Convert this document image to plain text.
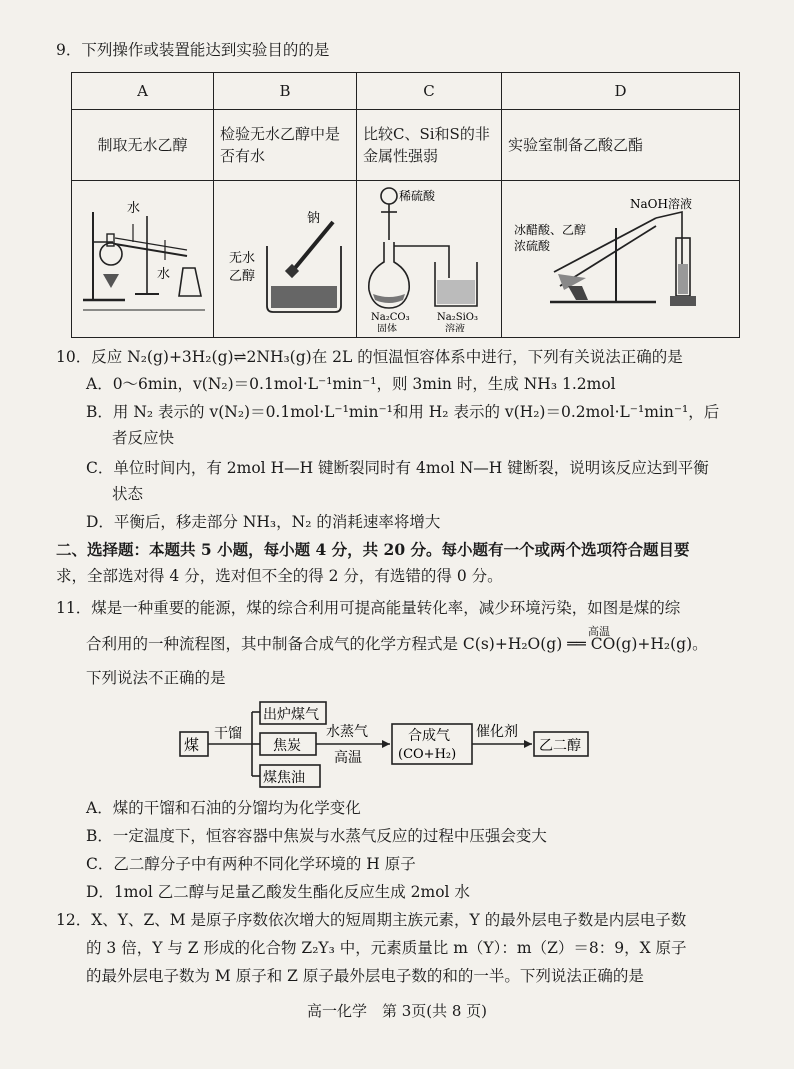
9．下列操作或装置能达到实验目的的是
A	B	C	D
制取无水乙醇	检验无水乙醇中是否有水	比较C、Si和S的非金属性强弱	实验室制备乙酸乙酯

水
水	钠
无水
乙醇	稀硫酸
Na₂CO₃
固体
Na₂SiO₃
溶液	NaOH溶液
冰醋酸、乙醇
浓硫酸
10．反应 N₂(g)+3H₂(g)⇌2NH₃(g)在 2L 的恒温恒容体系中进行，下列有关说法正确的是
A．0～6min，v(N₂)＝0.1mol·L⁻¹min⁻¹，则 3min 时，生成 NH₃ 1.2mol
B．用 N₂ 表示的 v(N₂)＝0.1mol·L⁻¹min⁻¹和用 H₂ 表示的 v(H₂)＝0.2mol·L⁻¹min⁻¹，后
者反应快
C．单位时间内，有 2mol H—H 键断裂同时有 4mol N—H 键断裂，说明该反应达到平衡
状态
D．平衡后，移走部分 NH₃，N₂ 的消耗速率将增大
二、选择题：本题共 5 小题，每小题 4 分，共 20 分。每小题有一个或两个选项符合题目要
求，全部选对得 4 分，选对但不全的得 2 分，有选错的得 0 分。
11．煤是一种重要的能源，煤的综合利用可提高能量转化率，减少环境污染，如图是煤的综
合利用的一种流程图，其中制备合成气的化学方程式是 C(s)+H₂O(g) ══ CO(g)+H₂(g)。
高温
下列说法不正确的是
煤
干馏
出炉煤气
焦炭
煤焦油
水蒸气
高温
合成气
(CO+H₂)
催化剂
乙二醇
A．煤的干馏和石油的分馏均为化学变化
B．一定温度下，恒容容器中焦炭与水蒸气反应的过程中压强会变大
C．乙二醇分子中有两种不同化学环境的 H 原子
D．1mol 乙二醇与足量乙酸发生酯化反应生成 2mol 水
12．X、Y、Z、M 是原子序数依次增大的短周期主族元素，Y 的最外层电子数是内层电子数
的 3 倍，Y 与 Z 形成的化合物 Z₂Y₃ 中，元素质量比 m（Y）：m（Z）＝8：9，X 原子
的最外层电子数为 M 原子和 Z 原子最外层电子数的和的一半。下列说法正确的是
高一化学　第 3页(共 8 页)
